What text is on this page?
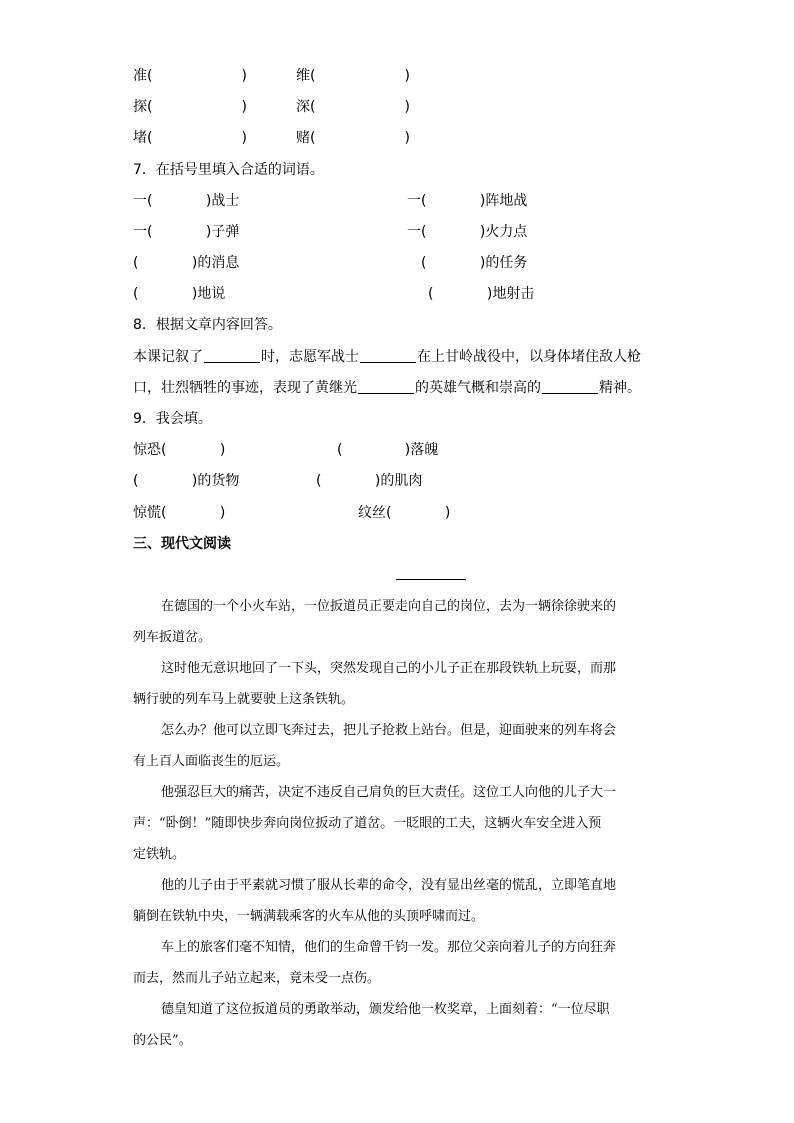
准(                    )	维(                    )
探(                    )	深(                    )
堵(                    )	赌(                    )
7．在括号里填入合适的词语。
一(            )战士	一(            )阵地战
一(            )子弹	一(            )火力点
(            )的消息	(            )的任务
(            )地说	(            )地射击
8．根据文章内容回答。
本课记叙了	时，志愿军战士	在上甘岭战役中，以身体堵住敌人枪
口，壮烈牺牲的事迹，表现了黄继光	的英雄气概和崇高的	精神。
9．我会填。
惊恐(            )	(              )落魄
(            )的货物	(            )的肌肉
惊慌(            )	纹丝(            )
三、现代文阅读
在德国的一个小火车站，一位扳道员正要走向自己的岗位，去为一辆徐徐驶来的
列车扳道岔。
这时他无意识地回了一下头，突然发现自己的小儿子正在那段铁轨上玩耍，而那
辆行驶的列车马上就要驶上这条铁轨。
怎么办？他可以立即飞奔过去，把儿子抢救上站台。但是，迎面驶来的列车将会
有上百人面临丧生的厄运。
他强忍巨大的痛苦，决定不违反自己肩负的巨大责任。这位工人向他的儿子大一
声：“卧倒！”随即快步奔向岗位扳动了道岔。一眨眼的工夫，这辆火车安全进入预
定铁轨。
他的儿子由于平素就习惯了服从长辈的命令，没有显出丝毫的慌乱，立即笔直地
躺倒在铁轨中央，一辆满载乘客的火车从他的头顶呼啸而过。
车上的旅客们毫不知情，他们的生命曾千钧一发。那位父亲向着儿子的方向狂奔
而去，然而儿子站立起来，竟未受一点伤。
德皇知道了这位扳道员的勇敢举动，颁发给他一枚奖章，上面刻着：“一位尽职
的公民”。
